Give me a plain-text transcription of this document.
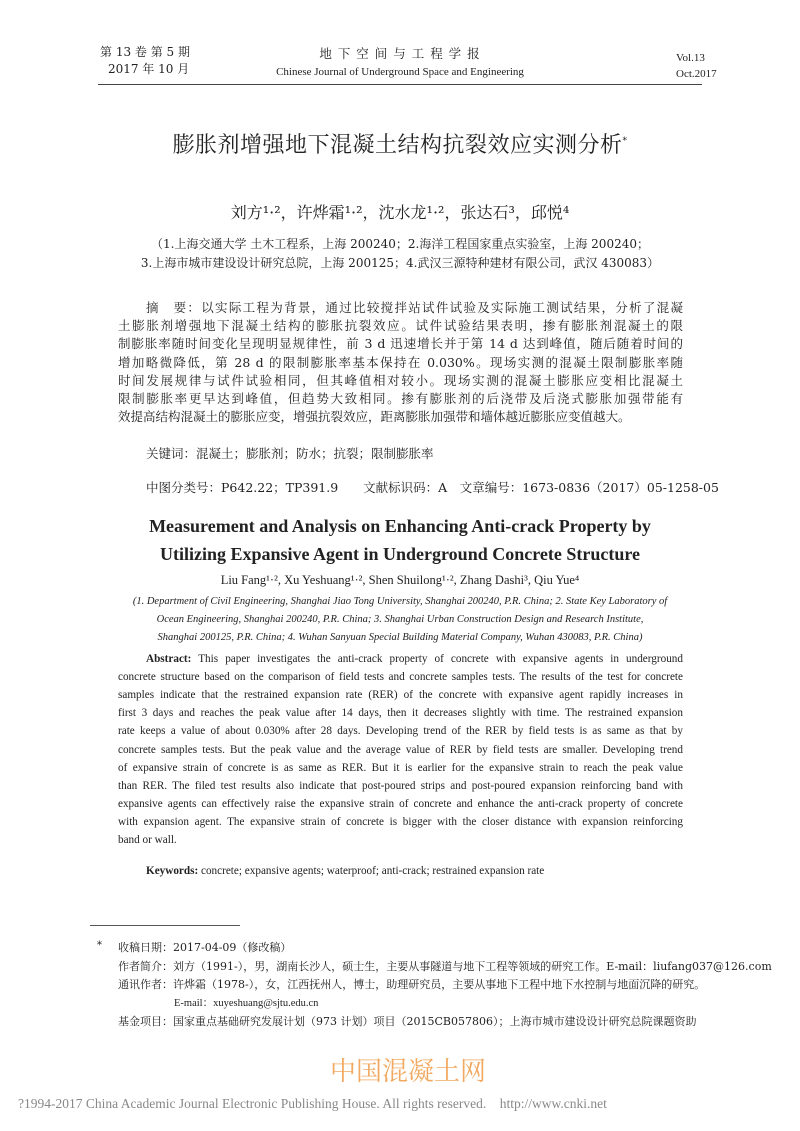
第 13 卷 第 5 期
2017 年 10 月
地 下 空 间 与 工 程 学 报
Chinese Journal of Underground Space and Engineering
Vol.13
Oct.2017
膨胀剂增强地下混凝土结构抗裂效应实测分析*
刘方¹·²，许烨霜¹·²，沈水龙¹·²，张达石³，邱悦⁴
（1.上海交通大学 土木工程系，上海 200240；2.海洋工程国家重点实验室，上海 200240；
3.上海市城市建设设计研究总院，上海 200125；4.武汉三源特种建材有限公司，武汉 430083）
摘　要：以实际工程为背景，通过比较搅拌站试件试验及实际施工测试结果，分析了混凝
土膨胀剂增强地下混凝土结构的膨胀抗裂效应。试件试验结果表明，掺有膨胀剂混凝土的限
制膨胀率随时间变化呈现明显规律性，前 3 d 迅速增长并于第 14 d 达到峰值，随后随着时间的
增加略微降低，第 28 d 的限制膨胀率基本保持在 0.030%。现场实测的混凝土限制膨胀率随
时间发展规律与试件试验相同，但其峰值相对较小。现场实测的混凝土膨胀应变相比混凝土
限制膨胀率更早达到峰值，但趋势大致相同。掺有膨胀剂的后浇带及后浇式膨胀加强带能有
效提高结构混凝土的膨胀应变，增强抗裂效应，距离膨胀加强带和墙体越近膨胀应变值越大。
关键词：混凝土；膨胀剂；防水；抗裂；限制膨胀率
中图分类号：P642.22；TP391.9　　文献标识码：A　文章编号：1673-0836（2017）05-1258-05
Measurement and Analysis on Enhancing Anti-crack Property by
Utilizing Expansive Agent in Underground Concrete Structure
Liu Fang¹·², Xu Yeshuang¹·², Shen Shuilong¹·², Zhang Dashi³, Qiu Yue⁴
(1. Department of Civil Engineering, Shanghai Jiao Tong University, Shanghai 200240, P.R. China; 2. State Key Laboratory of
Ocean Engineering, Shanghai 200240, P.R. China; 3. Shanghai Urban Construction Design and Research Institute,
Shanghai 200125, P.R. China; 4. Wuhan Sanyuan Special Building Material Company, Wuhan 430083, P.R. China)
Abstract: This paper investigates the anti-crack property of concrete with expansive agents in underground
concrete structure based on the comparison of field tests and concrete samples tests. The results of the test for concrete
samples indicate that the restrained expansion rate (RER) of the concrete with expansive agent rapidly increases in
first 3 days and reaches the peak value after 14 days, then it decreases slightly with time. The restrained expansion
rate keeps a value of about 0.030% after 28 days. Developing trend of the RER by field tests is as same as that by
concrete samples tests. But the peak value and the average value of RER by field tests are smaller. Developing trend
of expansive strain of concrete is as same as RER. But it is earlier for the expansive strain to reach the peak value
than RER. The filed test results also indicate that post-poured strips and post-poured expansion reinforcing band with
expansive agents can effectively raise the expansive strain of concrete and enhance the anti-crack property of concrete
with expansion agent. The expansive strain of concrete is bigger with the closer distance with expansion reinforcing
band or wall.
Keywords: concrete; expansive agents; waterproof; anti-crack; restrained expansion rate
* 收稿日期：2017-04-09（修改稿）
作者简介：刘方（1991-），男，湖南长沙人，硕士生，主要从事隧道与地下工程等领域的研究工作。E-mail：liufang037@126.com
通讯作者：许烨霜（1978-），女，江西抚州人，博士，助理研究员，主要从事地下工程中地下水控制与地面沉降的研究。
E-mail：xuyeshuang@sjtu.edu.cn
基金项目：国家重点基础研究发展计划（973 计划）项目（2015CB057806）；上海市城市建设设计研究总院课题资助
中国混凝土网
?1994-2017 China Academic Journal Electronic Publishing House. All rights reserved.    http://www.cnki.net
